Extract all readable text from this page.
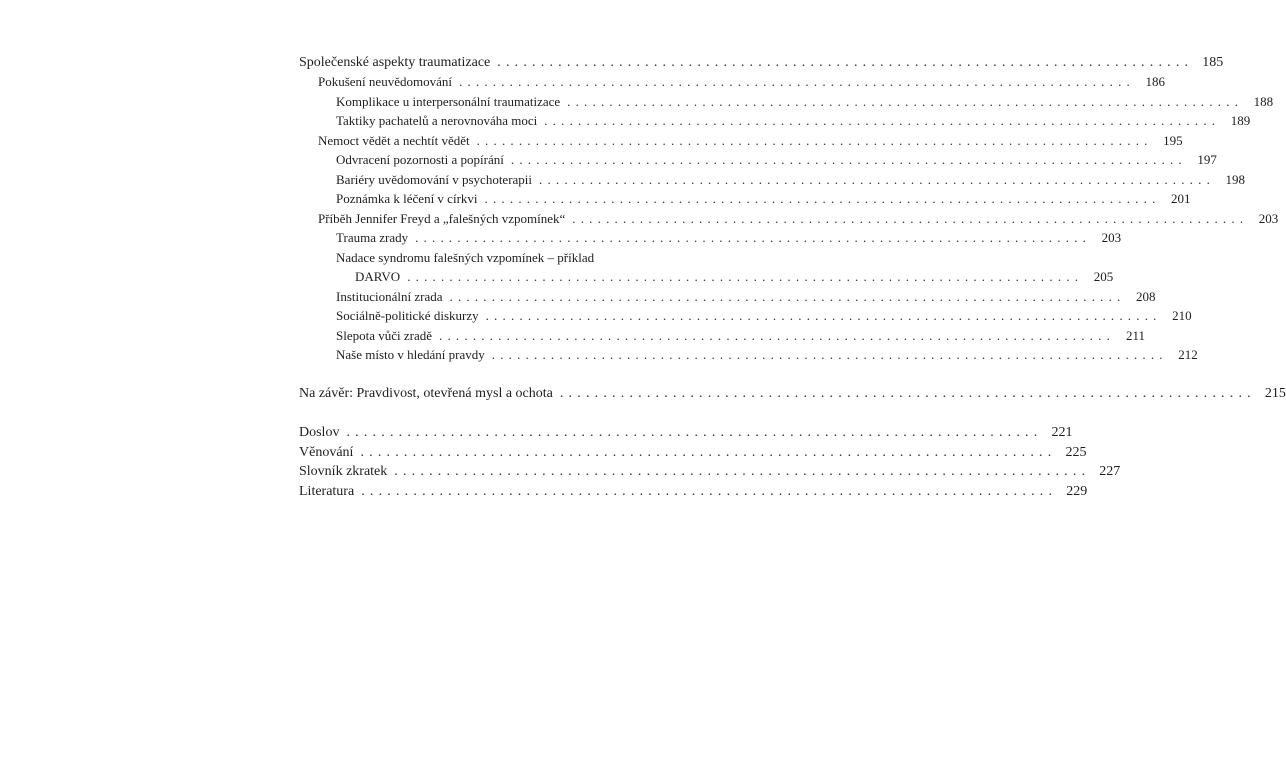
Společenské aspekty traumatizace ................................................................................ 185
Pokušení neuvědomování ................................................................................ 186
Komplikace u interpersonální traumatizace ................................................................................ 188
Taktiky pachatelů a nerovnováha moci ................................................................................ 189
Nemoct vědět a nechtít vědět ................................................................................ 195
Odvracení pozornosti a popírání ................................................................................ 197
Bariéry uvědomování v psychoterapii ................................................................................ 198
Poznámka k léčení v církvi ................................................................................ 201
Příběh Jennifer Freyd a „falešných vzpomínek“ ................................................................................ 203
Trauma zrady ................................................................................ 203
Nadace syndromu falešných vzpomínek – příklad
DARVO ................................................................................ 205
Institucionální zrada ................................................................................ 208
Sociálně-politické diskurzy ................................................................................ 210
Slepota vůči zradě ................................................................................ 211
Naše místo v hledání pravdy ................................................................................ 212
Na závěr: Pravdivost, otevřená mysl a ochota ................................................................................ 215
Doslov ................................................................................ 221
Věnování ................................................................................ 225
Slovník zkratek ................................................................................ 227
Literatura ................................................................................ 229
